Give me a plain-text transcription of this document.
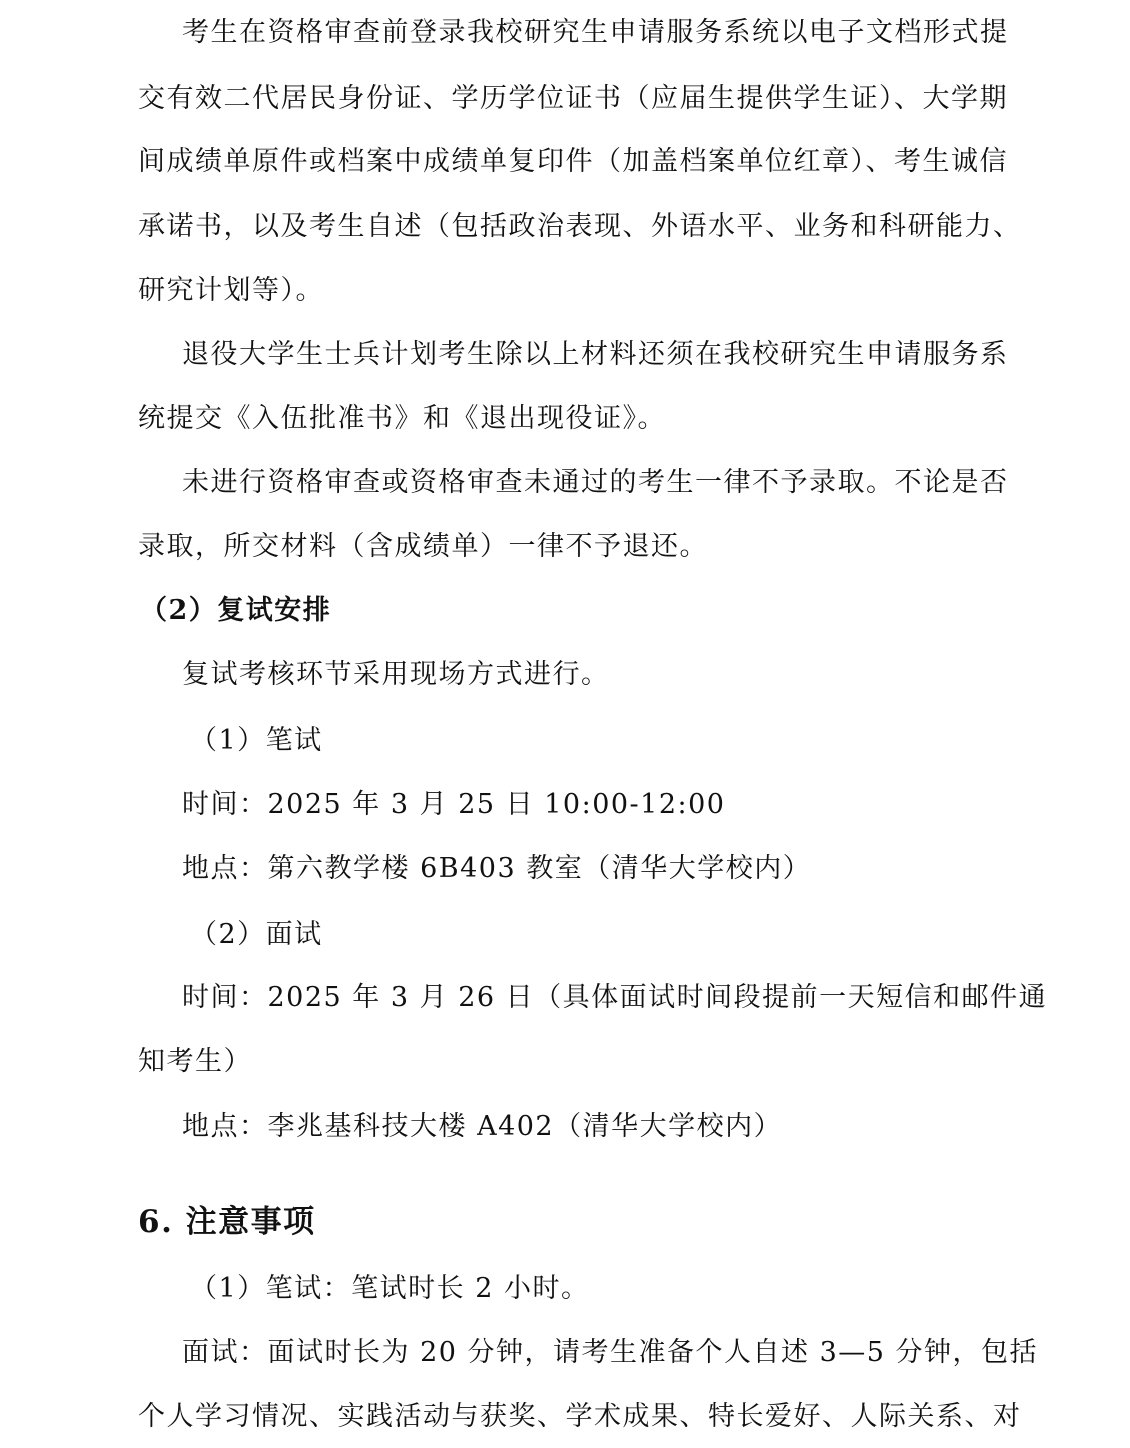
考生在资格审查前登录我校研究生申请服务系统以电子文档形式提
交有效二代居民身份证、学历学位证书（应届生提供学生证）、大学期
间成绩单原件或档案中成绩单复印件（加盖档案单位红章）、考生诚信
承诺书，以及考生自述（包括政治表现、外语水平、业务和科研能力、
研究计划等）。
退役大学生士兵计划考生除以上材料还须在我校研究生申请服务系
统提交《入伍批准书》和《退出现役证》。
未进行资格审查或资格审查未通过的考生一律不予录取。不论是否
录取，所交材料（含成绩单）一律不予退还。
（2）复试安排
复试考核环节采用现场方式进行。
（1）笔试
时间：2025 年 3 月 25 日 10:00-12:00
地点：第六教学楼 6B403 教室（清华大学校内）
（2）面试
时间：2025 年 3 月 26 日（具体面试时间段提前一天短信和邮件通
知考生）
地点：李兆基科技大楼 A402（清华大学校内）
6. 注意事项
（1）笔试：笔试时长 2 小时。
面试：面试时长为 20 分钟，请考生准备个人自述 3—5 分钟，包括
个人学习情况、实践活动与获奖、学术成果、特长爱好、人际关系、对
